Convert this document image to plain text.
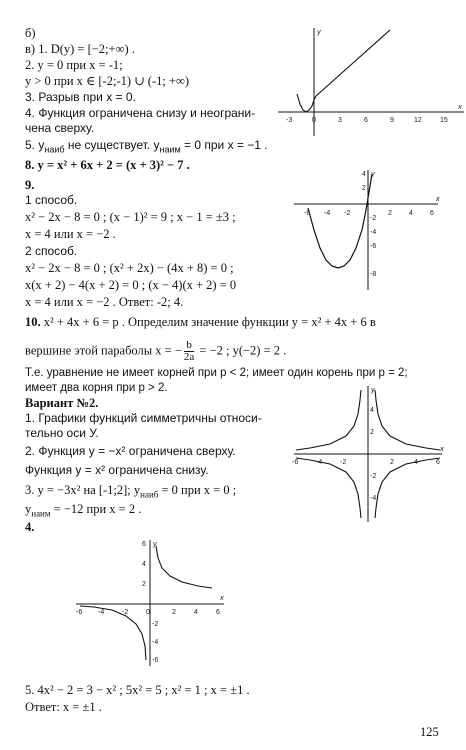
б)
в) 1. D(y) = [−2;+∞) .
2. y = 0 при x = -1;
y > 0 при x ∈ [-2;-1) ∪ (-1; +∞)
3. Разрыв при x = 0.
4. Функция ограничена снизу и неограни-
чена сверху.
5. $y_{наиб}$ не существует. $y_{наим} = 0$ при x = −1 .
8. y = x² + 6x + 2 = (x + 3)² − 7 .
9.
1 способ.
x² − 2x − 8 = 0 ; (x − 1)² = 9 ; x − 1 = ±3 ;
x = 4 или x = −2 .
2 способ.
x² − 2x − 8 = 0 ; (x² + 2x) − (4x + 8) = 0 ;
x(x + 2) − 4(x + 2) = 0 ; (x − 4)(x + 2) = 0
x = 4 или x = −2 . Ответ: -2; 4.
10. x² + 4x + 6 = p . Определим значение функции y = x² + 4x + 6 в
вершине этой параболы x = − $\frac{b}{2a} = -2$ ; y(−2) = 2 .
Т.е. уравнение не имеет корней при p < 2; имеет один корень при p = 2;
имеет два корня при p > 2.
Вариант №2.
1. Графики функций симметричны относи-
тельно оси У.
2. Функция y = −x² ограничена сверху.
Функция y = x² ограничена снизу.
3. y = −3x² на [-1;2]; $y_{наиб} = 0$ при x = 0 ;
$y_{наим} = -12$ при x = 2 .
4.
5. 4x² − 2 = 3 − x² ; 5x² = 5 ; x² = 1 ; x = ±1 .
Ответ: x = ±1 .
125
y
x
-3	0	3	6	9	12	15
y
x
-6 -4 -2	2 4 6
4
2
-2
-4
-6
-8
y
x
-6	-4	-2	2	4	6
4
2
-2
-4
y
x
-6 -4	-2	0	2	4	6
6
4
2
-2
-4
-6
